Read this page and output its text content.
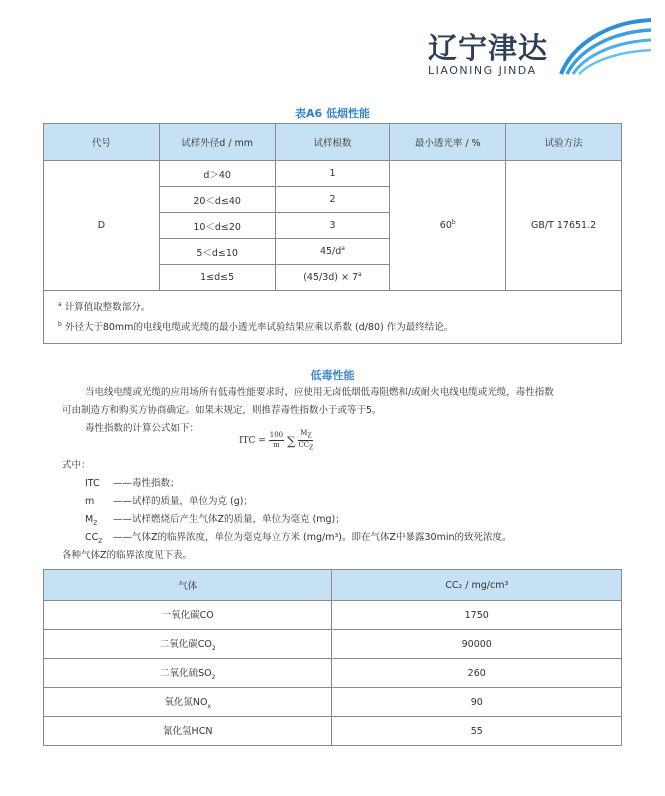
辽宁津达
LIAONING JINDA
表A6 低烟性能
代号	试样外径d / mm	试样根数	最小透光率 / %	试验方法
D	d＞40	1	60$^b$	GB/T 17651.2
	20＜d≤40	2		
	10＜d≤20	3		
	5＜d≤10	$45/d^a$
	1≤d≤5	$(45/3d) \times 7^a$
$^a$ 计算值取整数部分。
$^b$ 外径大于80mm的电线电缆或光缆的最小透光率试验结果应乘以系数 (d/80) 作为最终结论。
低毒性能
当电线电缆或光缆的应用场所有低毒性能要求时，应使用无卤低烟低毒阻燃和/或耐火电线电缆或光缆，毒性指数
可由制造方和购买方协商确定。如果未规定，则推荐毒性指数小于或等于5。
毒性指数的计算公式如下：
ITC = $\frac{100}{m}$ ∑
$M_Z$
$CC_Z$
式中：
ITC ——毒性指数；
m ——试样的质量，单位为克 (g)；
$M_Z$ ——试样燃烧后产生气体Z的质量，单位为毫克 (mg)；
$CC_Z$ ——气体Z的临界浓度，单位为毫克每立方米 (mg/m³)。即在气体Z中暴露30min的致死浓度。
各种气体Z的临界浓度见下表。
气体	CC₂ / mg/cm³
一氧化碳CO	1750
二氧化碳$CO_2$	90000
二氧化硫$SO_2$	260
氧化氮$NO_x$	90
氰化氢HCN	55
